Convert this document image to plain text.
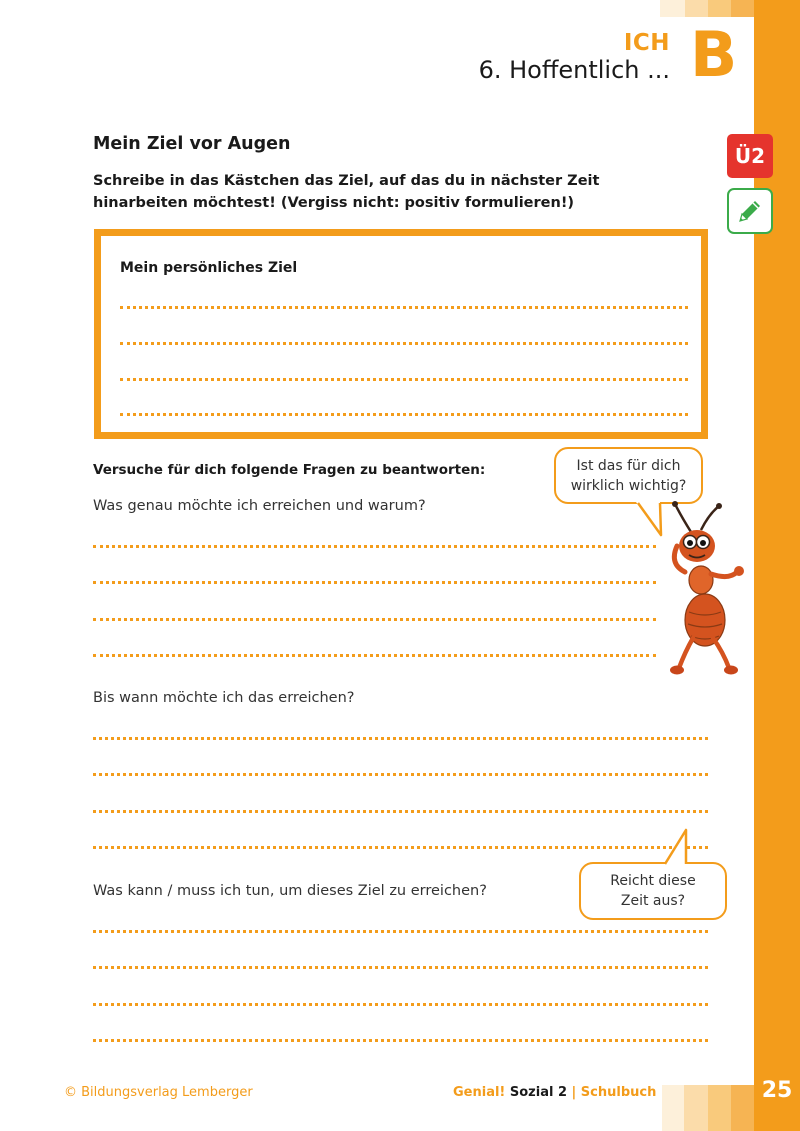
ICH
6. Hoffentlich ... B
Ü2
Mein Ziel vor Augen
Schreibe in das Kästchen das Ziel, auf das du in nächster Zeit hinarbeiten möchtest! (Vergiss nicht: positiv formulieren!)
Mein persönliches Ziel
Versuche für dich folgende Fragen zu beantworten:
Was genau möchte ich erreichen und warum?
Bis wann möchte ich das erreichen?
Was kann / muss ich tun, um dieses Ziel zu erreichen?
Ist das für dich
wirklich wichtig?
Reicht diese
Zeit aus?
© Bildungsverlag Lemberger	Genial! Sozial 2 | Schulbuch	25
